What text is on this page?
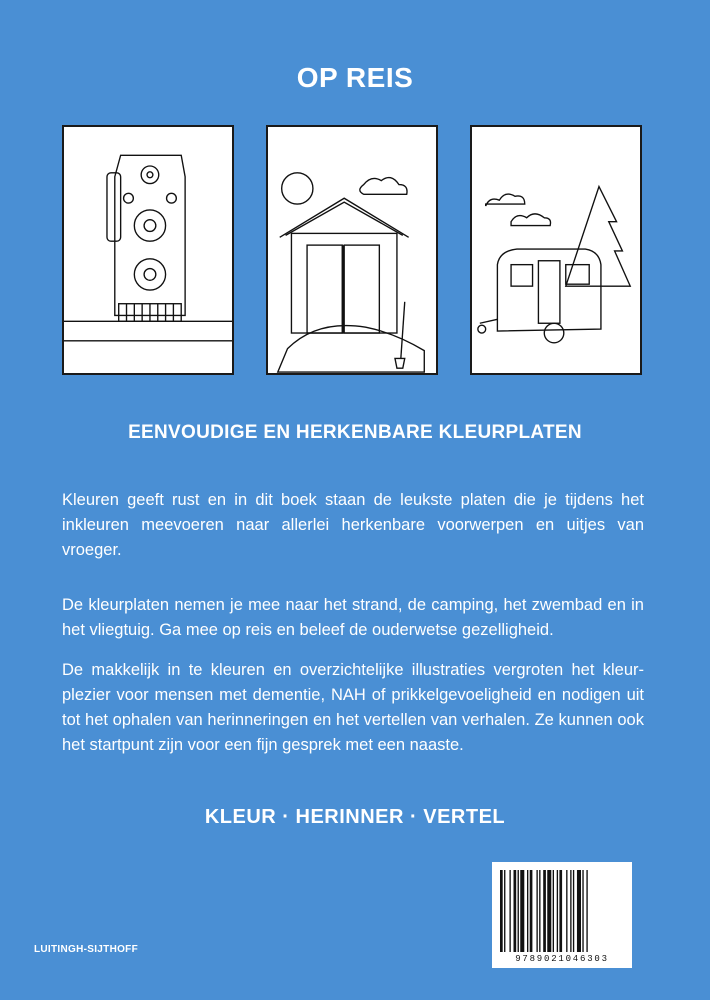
OP REIS
EENVOUDIGE EN HERKENBARE KLEURPLATEN
Kleuren geeft rust en in dit boek staan de leukste platen die je tijdens het inkleuren meevoeren naar allerlei herkenbare voorwerpen en uitjes van vroeger.
De kleurplaten nemen je mee naar het strand, de camping, het zwembad en in het vliegtuig. Ga mee op reis en beleef de ouderwetse gezelligheid.
De makkelijk in te kleuren en overzichtelijke illustraties vergroten het kleurplezier voor mensen met dementie, NAH of prikkelgevoeligheid en nodigen uit tot het ophalen van herinneringen en het vertellen van verhalen. Ze kunnen ook het startpunt zijn voor een fijn gesprek met een naaste.
KLEUR · HERINNER · VERTEL
LUITINGH-SIJTHOFF
9789021046303
